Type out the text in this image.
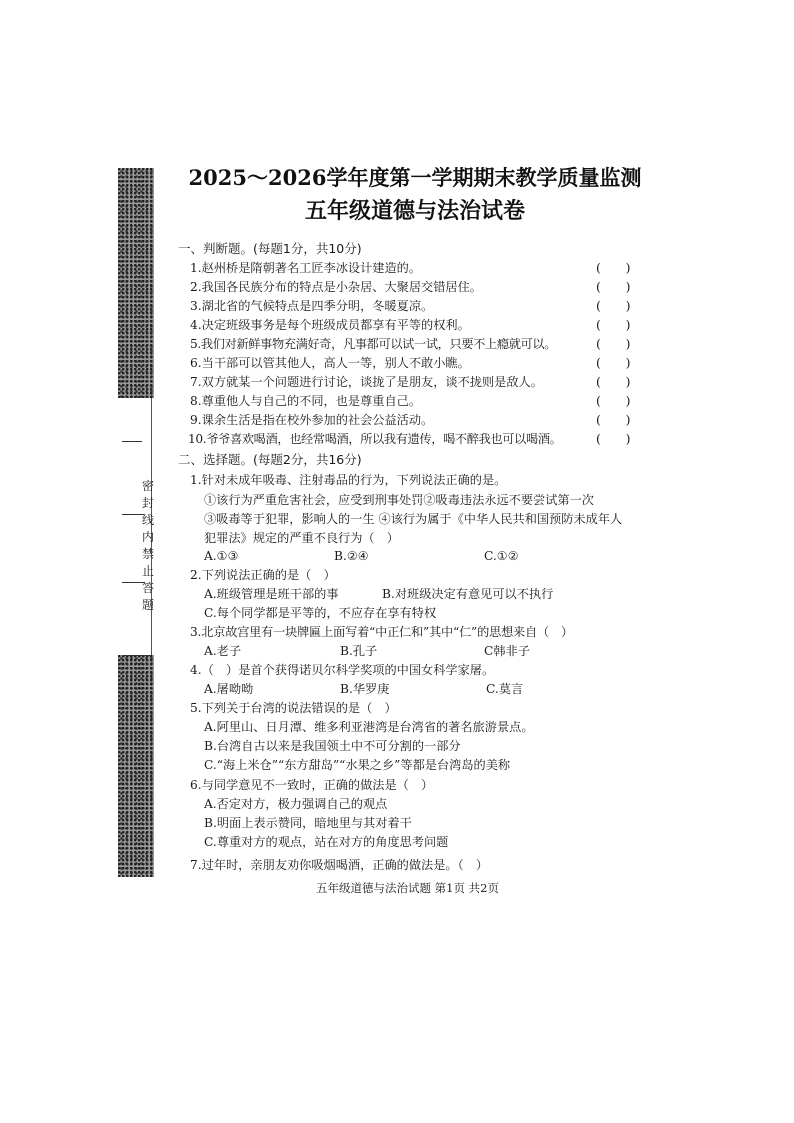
密封线内禁止答题
2025～2026学年度第一学期期末教学质量监测
五年级道德与法治试卷
一、判断题。(每题1分，共10分)
1.赵州桥是隋朝著名工匠李冰设计建造的。	(　　)
2.我国各民族分布的特点是小杂居、大聚居交错居住。	(　　)
3.湖北省的气候特点是四季分明，冬暖夏凉。	(　　)
4.决定班级事务是每个班级成员都享有平等的权利。	(　　)
5.我们对新鲜事物充满好奇，凡事都可以试一试，只要不上瘾就可以。	(　　)
6.当干部可以管其他人，高人一等，别人不敢小瞧。	(　　)
7.双方就某一个问题进行讨论，谈拢了是朋友，谈不拢则是敌人。	(　　)
8.尊重他人与自己的不同，也是尊重自己。	(　　)
9.课余生活是指在校外参加的社会公益活动。	(　　)
10.爷爷喜欢喝酒，也经常喝酒，所以我有遗传，喝不醉我也可以喝酒。	(　　)
二、选择题。(每题2分，共16分)
1.针对未成年吸毒、注射毒品的行为，下列说法正确的是。
①该行为严重危害社会，应受到刑事处罚②吸毒违法永远不要尝试第一次
③吸毒等于犯罪，影响人的一生 ④该行为属于《中华人民共和国预防未成年人
犯罪法》规定的严重不良行为（　）
A.①③	B.②④	C.①②
2.下列说法正确的是（　）
A.班级管理是班干部的事	B.对班级决定有意见可以不执行
C.每个同学都是平等的，不应存在享有特权
3.北京故宫里有一块牌匾上面写着“中正仁和”其中“仁”的思想来自（　）
A.老子	B.孔子	C韩非子
4.（　）是首个获得诺贝尔科学奖项的中国女科学家屠。
A.屠呦呦	B.华罗庚	C.莫言
5.下列关于台湾的说法错误的是（　）
A.阿里山、日月潭、维多利亚港湾是台湾省的著名旅游景点。
B.台湾自古以来是我国领土中不可分割的一部分
C.“海上米仓”“东方甜岛”“水果之乡”等都是台湾岛的美称
6.与同学意见不一致时，正确的做法是（　）
A.否定对方，极力强调自己的观点
B.明面上表示赞同，暗地里与其对着干
C.尊重对方的观点，站在对方的角度思考问题
7.过年时，亲朋友劝你吸烟喝酒，正确的做法是。（　）
五年级道德与法治试题 第1页 共2页
